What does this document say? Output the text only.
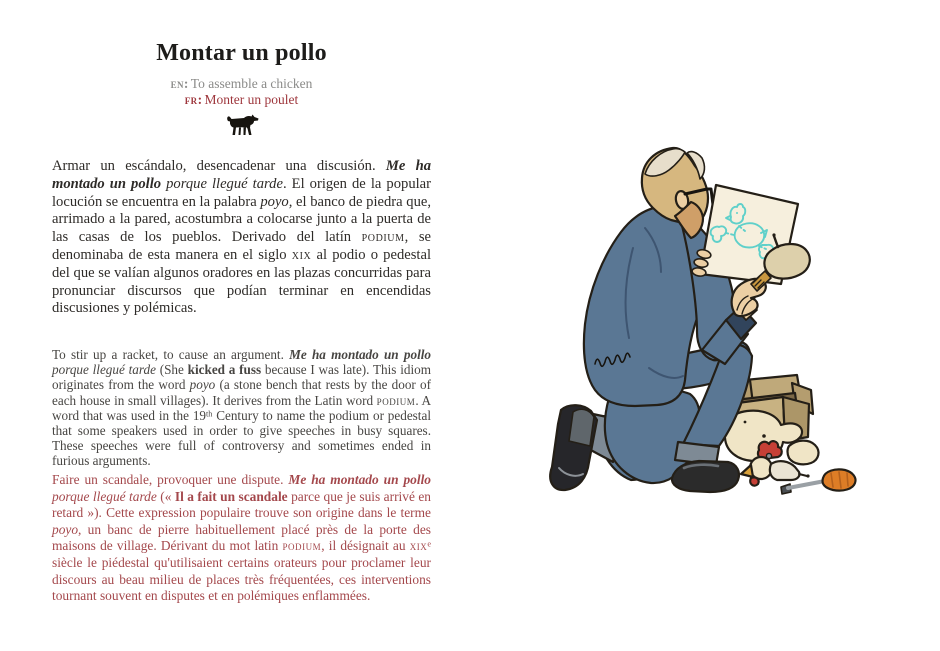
Montar un pollo

en: To assemble a chicken

fr: Monter un poulet

Armar un escándalo, desencadenar una discusión. Me ha montado un pollo porque llegué tarde. El origen de la popular locución se encuentra en la palabra poyo, el banco de piedra que, arrimado a la pared, acostumbra a colocarse junto a la puerta de las casas de los pueblos. Derivado del latín podium, se denominaba de esta manera en el siglo xix al podio o pedestal del que se valían algunos oradores en las plazas concurridas para pronunciar discursos que podían terminar en encendidas discusiones y polémicas.

To stir up a racket, to cause an argument. Me ha montado un pollo porque llegué tarde (She kicked a fuss because I was late). This idiom originates from the word poyo (a stone bench that rests by the door of each house in small villages). It derives from the Latin word podium. A word that was used in the 19th Century to name the podium or pedestal that some speakers used in order to give speeches in busy squares. These speeches were full of controversy and sometimes ended in furious arguments.

Faire un scandale, provoquer une dispute. Me ha montado un pollo porque llegué tarde (« Il a fait un scandale parce que je suis arrivé en retard »). Cette expression populaire trouve son origine dans le terme poyo, un banc de pierre habituellement placé près de la porte des maisons de village. Dérivant du mot latin podium, il désignait au xix$^e$ siècle le piédestal qu'utilisaient certains orateurs pour proclamer leur discours au beau milieu de places très fréquentées, ces interventions tournant souvent en disputes et en polémiques enflammées.
